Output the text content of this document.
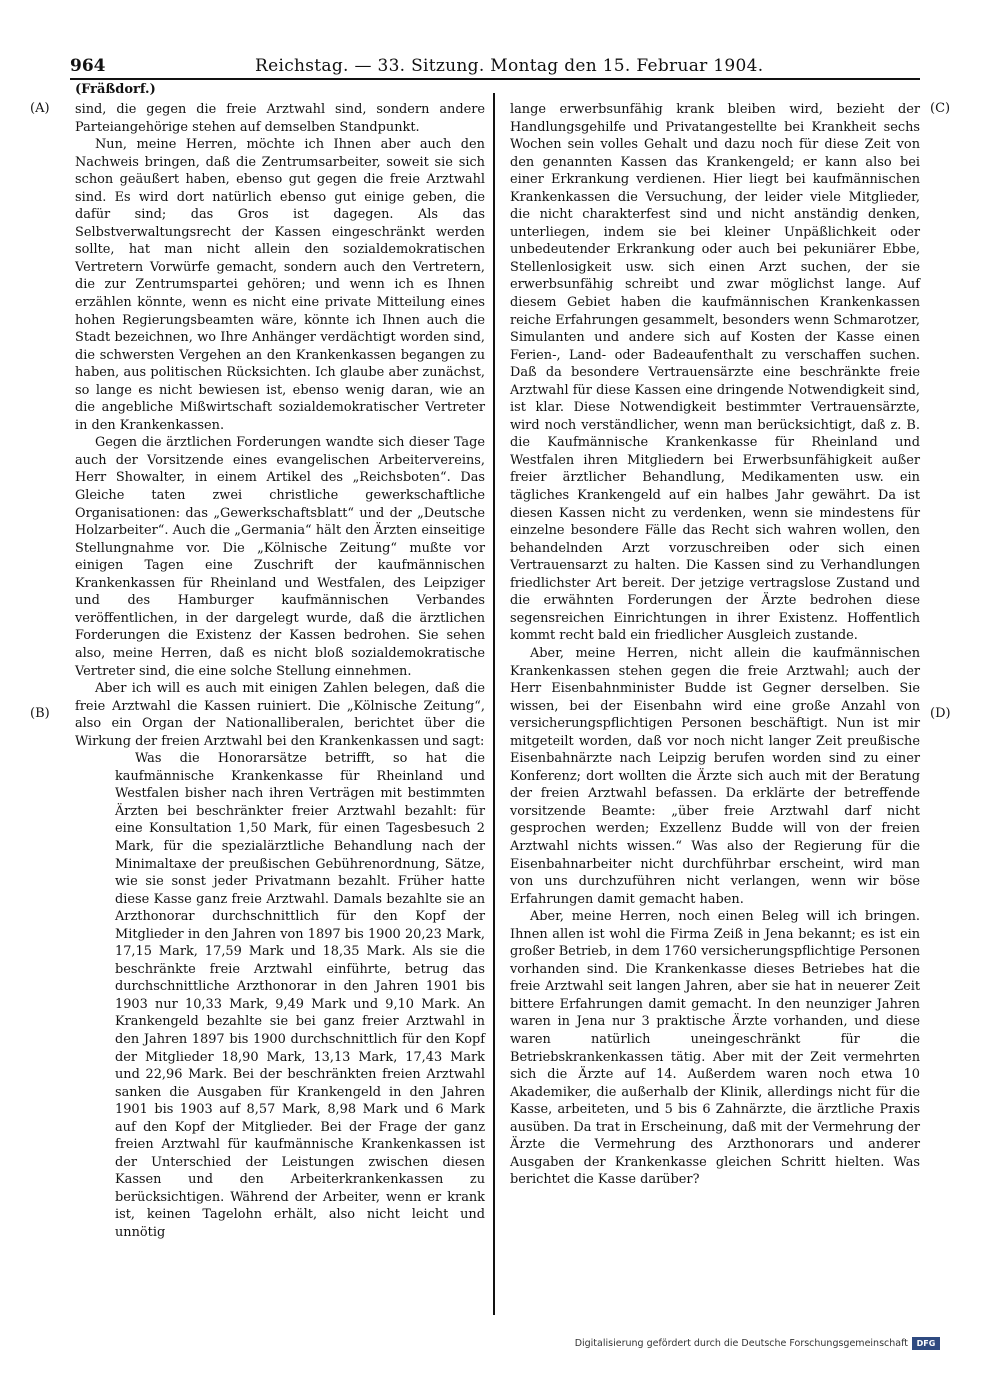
964	Reichstag. — 33. Sitzung. Montag den 15. Februar 1904.
(Fräßdorf.)
(A)
(B)
(C)
(D)

sind, die gegen die freie Arztwahl sind, sondern andere Parteiangehörige stehen auf demselben Standpunkt.

Nun, meine Herren, möchte ich Ihnen aber auch den Nachweis bringen, daß die Zentrumsarbeiter, soweit sie sich schon geäußert haben, ebenso gut gegen die freie Arztwahl sind. Es wird dort natürlich ebenso gut einige geben, die dafür sind; das Gros ist dagegen. Als das Selbstverwaltungsrecht der Kassen eingeschränkt werden sollte, hat man nicht allein den sozialdemokratischen Vertretern Vorwürfe gemacht, sondern auch den Vertretern, die zur Zentrumspartei gehören; und wenn ich es Ihnen erzählen könnte, wenn es nicht eine private Mitteilung eines hohen Regierungsbeamten wäre, könnte ich Ihnen auch die Stadt bezeichnen, wo Ihre Anhänger verdächtigt worden sind, die schwersten Vergehen an den Krankenkassen begangen zu haben, aus politischen Rücksichten. Ich glaube aber zunächst, so lange es nicht bewiesen ist, ebenso wenig daran, wie an die angebliche Mißwirtschaft sozialdemokratischer Vertreter in den Krankenkassen.

Gegen die ärztlichen Forderungen wandte sich dieser Tage auch der Vorsitzende eines evangelischen Arbeitervereins, Herr Showalter, in einem Artikel des „Reichsboten“. Das Gleiche taten zwei christliche gewerkschaftliche Organisationen: das „Gewerkschaftsblatt“ und der „Deutsche Holzarbeiter“. Auch die „Germania“ hält den Ärzten einseitige Stellungnahme vor. Die „Kölnische Zeitung“ mußte vor einigen Tagen eine Zuschrift der kaufmännischen Krankenkassen für Rheinland und Westfalen, des Leipziger und des Hamburger kaufmännischen Verbandes veröffentlichen, in der dargelegt wurde, daß die ärztlichen Forderungen die Existenz der Kassen bedrohen. Sie sehen also, meine Herren, daß es nicht bloß sozialdemokratische Vertreter sind, die eine solche Stellung einnehmen.

Aber ich will es auch mit einigen Zahlen belegen, daß die freie Arztwahl die Kassen ruiniert. Die „Kölnische Zeitung“, also ein Organ der Nationalliberalen, berichtet über die Wirkung der freien Arztwahl bei den Krankenkassen und sagt:

Was die Honorarsätze betrifft, so hat die kaufmännische Krankenkasse für Rheinland und Westfalen bisher nach ihren Verträgen mit bestimmten Ärzten bei beschränkter freier Arztwahl bezahlt: für eine Konsultation 1,50 Mark, für einen Tagesbesuch 2 Mark, für die spezialärztliche Behandlung nach der Minimaltaxe der preußischen Gebührenordnung, Sätze, wie sie sonst jeder Privatmann bezahlt. Früher hatte diese Kasse ganz freie Arztwahl. Damals bezahlte sie an Arzthonorar durchschnittlich für den Kopf der Mitglieder in den Jahren von 1897 bis 1900 20,23 Mark, 17,15 Mark, 17,59 Mark und 18,35 Mark. Als sie die beschränkte freie Arztwahl einführte, betrug das durchschnittliche Arzthonorar in den Jahren 1901 bis 1903 nur 10,33 Mark, 9,49 Mark und 9,10 Mark. An Krankengeld bezahlte sie bei ganz freier Arztwahl in den Jahren 1897 bis 1900 durchschnittlich für den Kopf der Mitglieder 18,90 Mark, 13,13 Mark, 17,43 Mark und 22,96 Mark. Bei der beschränkten freien Arztwahl sanken die Ausgaben für Krankengeld in den Jahren 1901 bis 1903 auf 8,57 Mark, 8,98 Mark und 6 Mark auf den Kopf der Mitglieder. Bei der Frage der ganz freien Arztwahl für kaufmännische Krankenkassen ist der Unterschied der Leistungen zwischen diesen Kassen und den Arbeiterkrankenkassen zu berücksichtigen. Während der Arbeiter, wenn er krank ist, keinen Tagelohn erhält, also nicht leicht und unnötig

lange erwerbsunfähig krank bleiben wird, bezieht der Handlungsgehilfe und Privatangestellte bei Krankheit sechs Wochen sein volles Gehalt und dazu noch für diese Zeit von den genannten Kassen das Krankengeld; er kann also bei einer Erkrankung verdienen. Hier liegt bei kaufmännischen Krankenkassen die Versuchung, der leider viele Mitglieder, die nicht charakterfest sind und nicht anständig denken, unterliegen, indem sie bei kleiner Unpäßlichkeit oder unbedeutender Erkrankung oder auch bei pekuniärer Ebbe, Stellenlosigkeit usw. sich einen Arzt suchen, der sie erwerbsunfähig schreibt und zwar möglichst lange. Auf diesem Gebiet haben die kaufmännischen Krankenkassen reiche Erfahrungen gesammelt, besonders wenn Schmarotzer, Simulanten und andere sich auf Kosten der Kasse einen Ferien-, Land- oder Badeaufenthalt zu verschaffen suchen. Daß da besondere Vertrauensärzte eine beschränkte freie Arztwahl für diese Kassen eine dringende Notwendigkeit sind, ist klar. Diese Notwendigkeit bestimmter Vertrauensärzte, wird noch verständlicher, wenn man berücksichtigt, daß z. B. die Kaufmännische Krankenkasse für Rheinland und Westfalen ihren Mitgliedern bei Erwerbsunfähigkeit außer freier ärztlicher Behandlung, Medikamenten usw. ein tägliches Krankengeld auf ein halbes Jahr gewährt. Da ist diesen Kassen nicht zu verdenken, wenn sie mindestens für einzelne besondere Fälle das Recht sich wahren wollen, den behandelnden Arzt vorzuschreiben oder sich einen Vertrauensarzt zu halten. Die Kassen sind zu Verhandlungen friedlichster Art bereit. Der jetzige vertragslose Zustand und die erwähnten Forderungen der Ärzte bedrohen diese segensreichen Einrichtungen in ihrer Existenz. Hoffentlich kommt recht bald ein friedlicher Ausgleich zustande.

Aber, meine Herren, nicht allein die kaufmännischen Krankenkassen stehen gegen die freie Arztwahl; auch der Herr Eisenbahnminister Budde ist Gegner derselben. Sie wissen, bei der Eisenbahn wird eine große Anzahl von versicherungspflichtigen Personen beschäftigt. Nun ist mir mitgeteilt worden, daß vor noch nicht langer Zeit preußische Eisenbahnärzte nach Leipzig berufen worden sind zu einer Konferenz; dort wollten die Ärzte sich auch mit der Beratung der freien Arztwahl befassen. Da erklärte der betreffende vorsitzende Beamte: „über freie Arztwahl darf nicht gesprochen werden; Exzellenz Budde will von der freien Arztwahl nichts wissen.“ Was also der Regierung für die Eisenbahnarbeiter nicht durchführbar erscheint, wird man von uns durchzuführen nicht verlangen, wenn wir böse Erfahrungen damit gemacht haben.

Aber, meine Herren, noch einen Beleg will ich bringen. Ihnen allen ist wohl die Firma Zeiß in Jena bekannt; es ist ein großer Betrieb, in dem 1760 versicherungspflichtige Personen vorhanden sind. Die Krankenkasse dieses Betriebes hat die freie Arztwahl seit langen Jahren, aber sie hat in neuerer Zeit bittere Erfahrungen damit gemacht. In den neunziger Jahren waren in Jena nur 3 praktische Ärzte vorhanden, und diese waren natürlich uneingeschränkt für die Betriebskrankenkassen tätig. Aber mit der Zeit vermehrten sich die Ärzte auf 14. Außerdem waren noch etwa 10 Akademiker, die außerhalb der Klinik, allerdings nicht für die Kasse, arbeiteten, und 5 bis 6 Zahnärzte, die ärztliche Praxis ausüben. Da trat in Erscheinung, daß mit der Vermehrung der Ärzte die Vermehrung des Arzthonorars und anderer Ausgaben der Krankenkasse gleichen Schritt hielten. Was berichtet die Kasse darüber?

Digitalisierung gefördert durch die Deutsche Forschungsgemeinschaft	DFG
